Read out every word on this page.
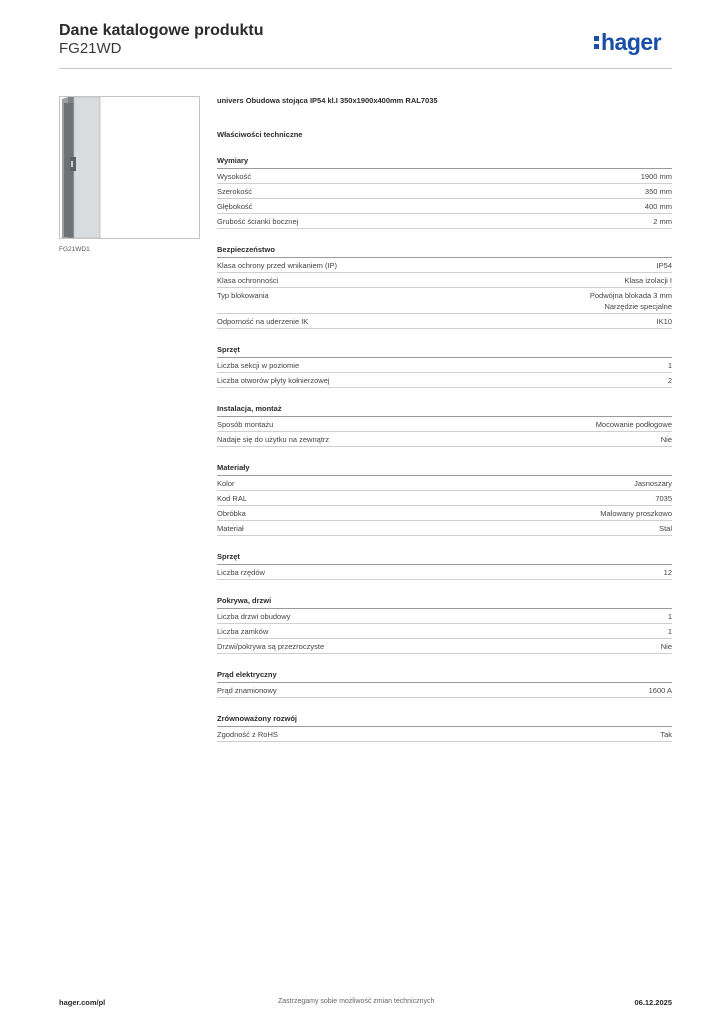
Dane katalogowe produktu
FG21WD	hager
FG21WD1
univers Obudowa stojąca IP54 kl.I 350x1900x400mm RAL7035
Właściwości techniczne
Wymiary
Wysokość	1900 mm
Szerokość	350 mm
Głębokość	400 mm
Grubość ścianki bocznej	2 mm
Bezpieczeństwo
Klasa ochrony przed wnikaniem (IP)	IP54
Klasa ochronności	Klasa izolacji I
Typ blokowania	Podwójna blokada 3 mm
Narzędzie specjalne
Odporność na uderzenie IK	IK10
Sprzęt
Liczba sekcji w poziomie	1
Liczba otworów płyty kołnierzowej	2
Instalacja, montaż
Sposób montażu	Mocowanie podłogowe
Nadaje się do użytku na zewnątrz	Nie
Materiały
Kolor	Jasnoszary
Kod RAL	7035
Obróbka	Malowany proszkowo
Materiał	Stal
Sprzęt
Liczba rzędów	12
Pokrywa, drzwi
Liczba drzwi obudowy	1
Liczba zamków	1
Drzwi/pokrywa są przezroczyste	Nie
Prąd elektryczny
Prąd znamionowy	1600 A
Zrównoważony rozwój
Zgodność z RoHS	Tak
hager.com/pl	Zastrzegamy sobie możliwość zmian technicznych	06.12.2025
